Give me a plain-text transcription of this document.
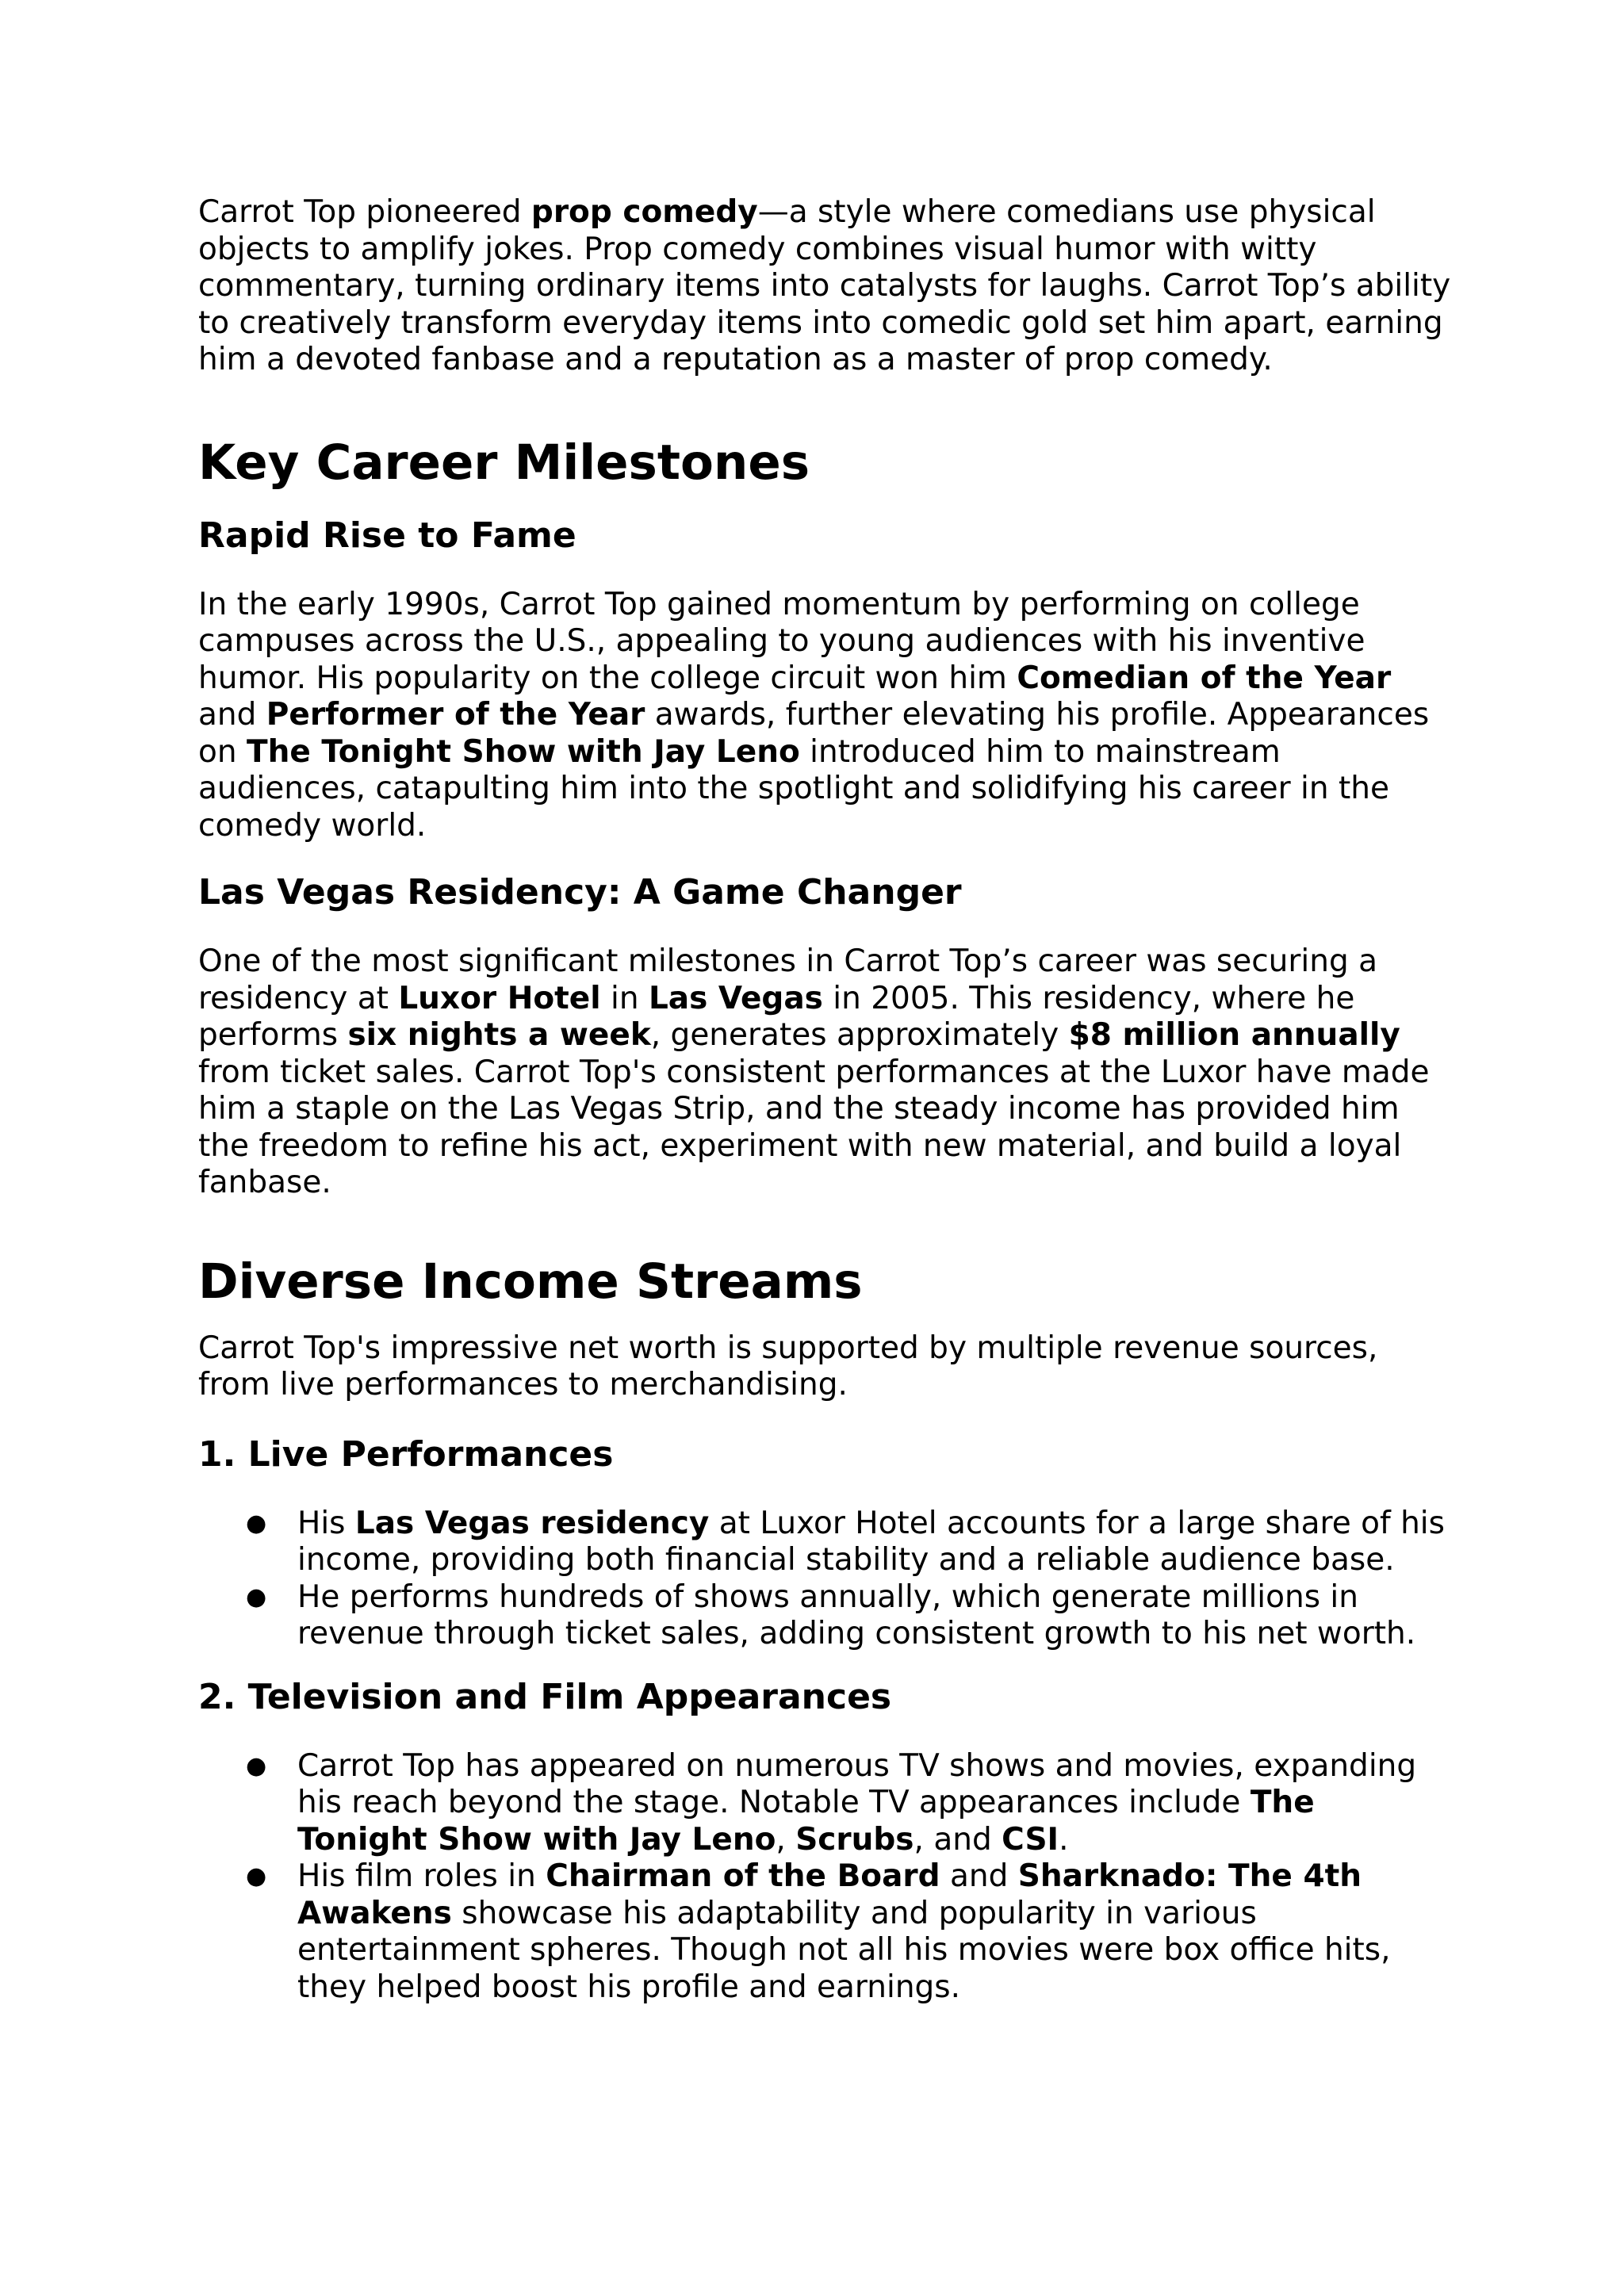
Carrot Top pioneered prop comedy—a style where comedians use physical objects to amplify jokes. Prop comedy combines visual humor with witty commentary, turning ordinary items into catalysts for laughs. Carrot Top’s ability to creatively transform everyday items into comedic gold set him apart, earning him a devoted fanbase and a reputation as a master of prop comedy.

Key Career Milestones
Rapid Rise to Fame

In the early 1990s, Carrot Top gained momentum by performing on college campuses across the U.S., appealing to young audiences with his inventive humor. His popularity on the college circuit won him Comedian of the Year and Performer of the Year awards, further elevating his profile. Appearances on The Tonight Show with Jay Leno introduced him to mainstream audiences, catapulting him into the spotlight and solidifying his career in the comedy world.

Las Vegas Residency: A Game Changer

One of the most significant milestones in Carrot Top’s career was securing a residency at Luxor Hotel in Las Vegas in 2005. This residency, where he performs six nights a week, generates approximately $8 million annually from ticket sales. Carrot Top's consistent performances at the Luxor have made him a staple on the Las Vegas Strip, and the steady income has provided him the freedom to refine his act, experiment with new material, and build a loyal fanbase.

Diverse Income Streams

Carrot Top's impressive net worth is supported by multiple revenue sources, from live performances to merchandising.

1. Live Performances
● His Las Vegas residency at Luxor Hotel accounts for a large share of his income, providing both financial stability and a reliable audience base.
● He performs hundreds of shows annually, which generate millions in revenue through ticket sales, adding consistent growth to his net worth.
2. Television and Film Appearances
● Carrot Top has appeared on numerous TV shows and movies, expanding his reach beyond the stage. Notable TV appearances include The Tonight Show with Jay Leno, Scrubs, and CSI.
● His film roles in Chairman of the Board and Sharknado: The 4th Awakens showcase his adaptability and popularity in various entertainment spheres. Though not all his movies were box office hits, they helped boost his profile and earnings.
